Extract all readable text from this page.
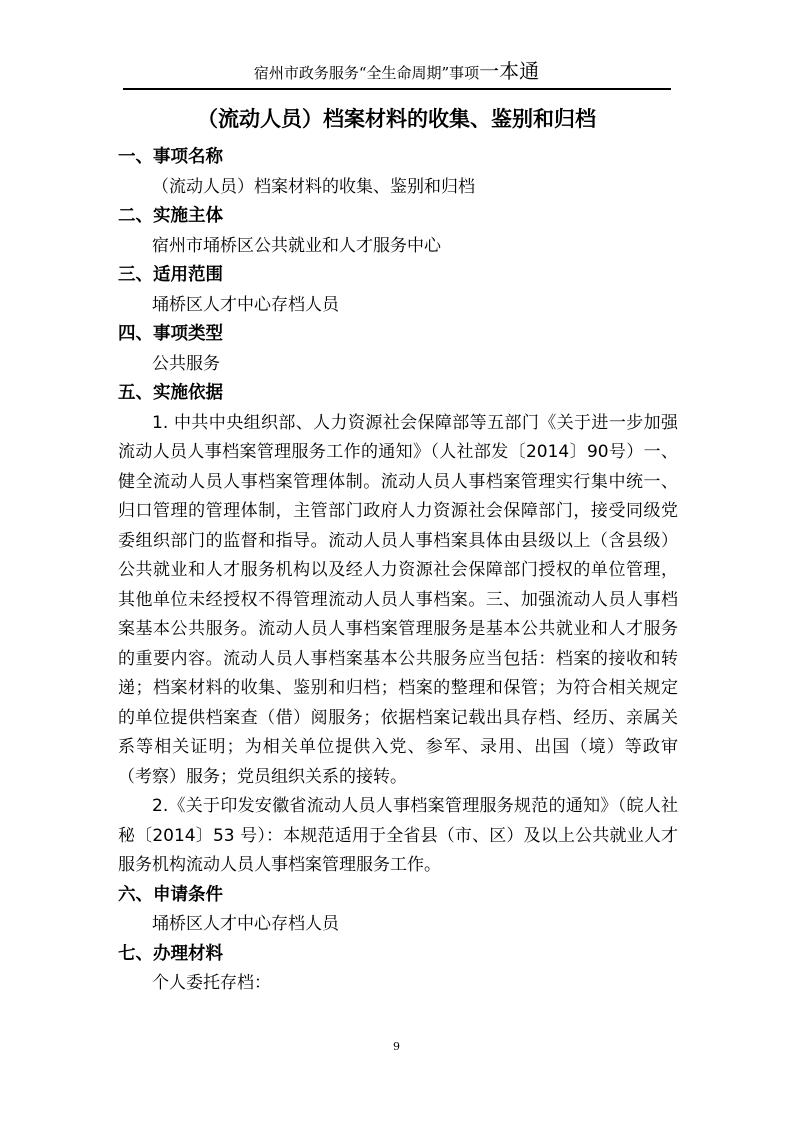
宿州市政务服务“全生命周期”事项一本通
（流动人员）档案材料的收集、鉴别和归档

一、事项名称

（流动人员）档案材料的收集、鉴别和归档

二、实施主体

宿州市埇桥区公共就业和人才服务中心

三、适用范围

埇桥区人才中心存档人员

四、事项类型

公共服务

五、实施依据

1. 中共中央组织部、人力资源社会保障部等五部门《关于进一步加强流动人员人事档案管理服务工作的通知》（人社部发〔2014〕90号）一、健全流动人员人事档案管理体制。流动人员人事档案管理实行集中统一、归口管理的管理体制，主管部门政府人力资源社会保障部门，接受同级党委组织部门的监督和指导。流动人员人事档案具体由县级以上（含县级）公共就业和人才服务机构以及经人力资源社会保障部门授权的单位管理，其他单位未经授权不得管理流动人员人事档案。三、加强流动人员人事档案基本公共服务。流动人员人事档案管理服务是基本公共就业和人才服务的重要内容。流动人员人事档案基本公共服务应当包括：档案的接收和转递；档案材料的收集、鉴别和归档；档案的整理和保管；为符合相关规定的单位提供档案查（借）阅服务；依据档案记载出具存档、经历、亲属关系等相关证明；为相关单位提供入党、参军、录用、出国（境）等政审（考察）服务；党员组织关系的接转。

2.《关于印发安徽省流动人员人事档案管理服务规范的通知》（皖人社秘〔2014〕53 号）：本规范适用于全省县（市、区）及以上公共就业人才服务机构流动人员人事档案管理服务工作。

六、申请条件

埇桥区人才中心存档人员

七、办理材料

个人委托存档：

9
